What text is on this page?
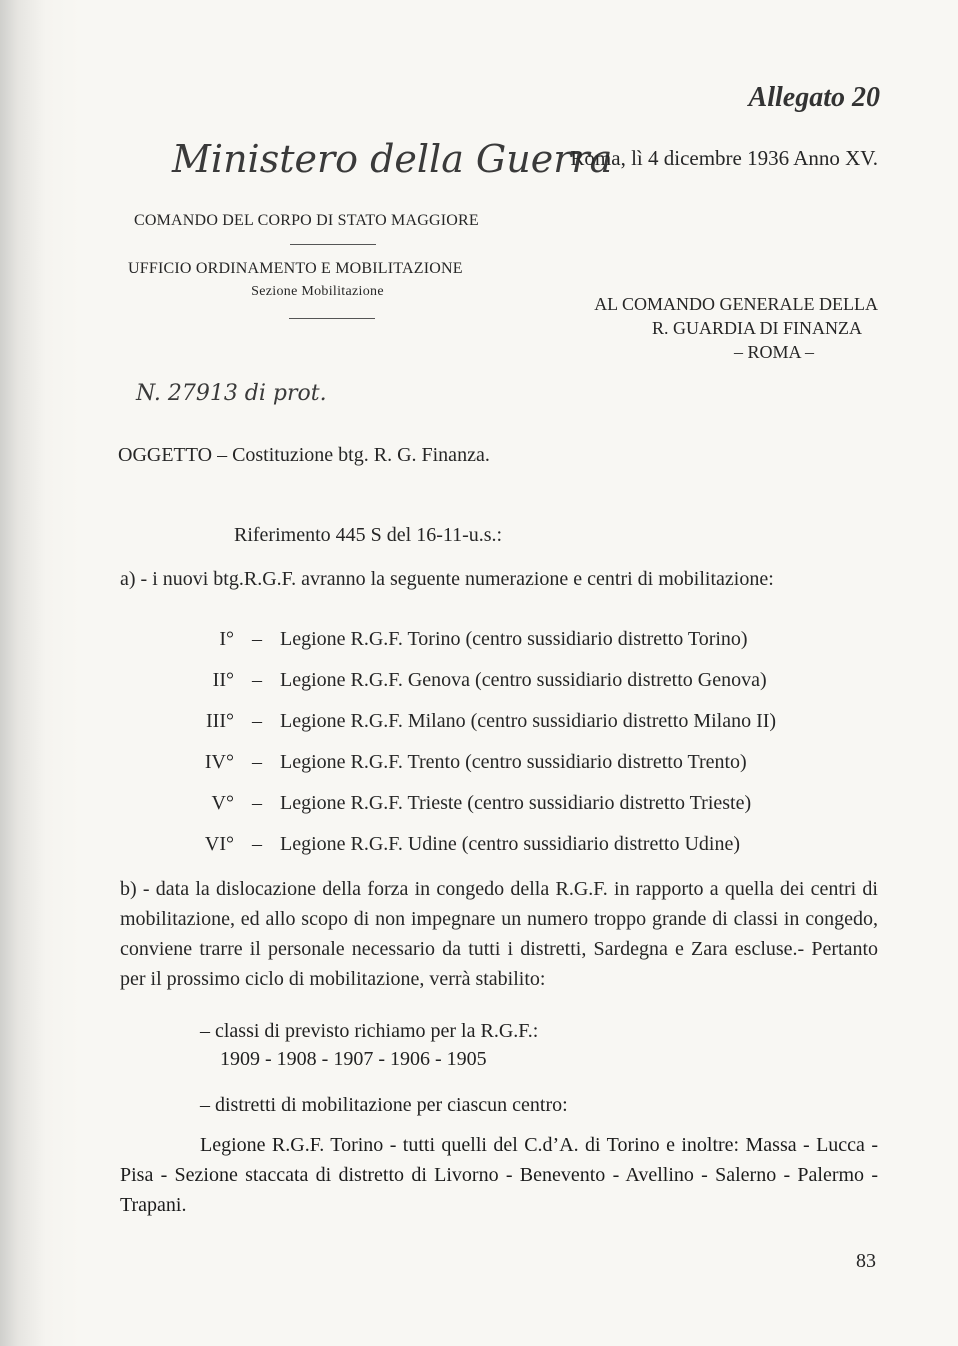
Allegato 20
Ministero della Guerra
Roma, lì 4 dicembre 1936 Anno XV.
COMANDO DEL CORPO DI STATO MAGGIORE
UFFICIO ORDINAMENTO E MOBILITAZIONE
Sezione Mobilitazione
AL COMANDO GENERALE DELLA
R. GUARDIA DI FINANZA
– ROMA –
N. 27913 di prot.
OGGETTO – Costituzione btg. R. G. Finanza.
Riferimento 445 S del 16-11-u.s.:
a) - i nuovi btg.R.G.F. avranno la seguente numerazione e centri di mobilitazione:
I° – Legione R.G.F. Torino (centro sussidiario distretto Torino)
II° – Legione R.G.F. Genova (centro sussidiario distretto Genova)
III° – Legione R.G.F. Milano (centro sussidiario distretto Milano II)
IV° – Legione R.G.F. Trento (centro sussidiario distretto Trento)
V° – Legione R.G.F. Trieste (centro sussidiario distretto Trieste)
VI° – Legione R.G.F. Udine (centro sussidiario distretto Udine)
b) - data la dislocazione della forza in congedo della R.G.F. in rapporto a quella dei centri di mobilitazione, ed allo scopo di non impegnare un numero troppo grande di classi in congedo, conviene trarre il personale necessario da tutti i distretti, Sardegna e Zara escluse.- Pertanto per il prossimo ciclo di mobilitazione, verrà stabilito:
– classi di previsto richiamo per la R.G.F.:
1909 - 1908 - 1907 - 1906 - 1905
– distretti di mobilitazione per ciascun centro:
Legione R.G.F. Torino - tutti quelli del C.d’A. di Torino e inoltre: Massa - Lucca - Pisa - Sezione staccata di distretto di Livorno - Benevento - Avellino - Salerno - Palermo - Trapani.
83
